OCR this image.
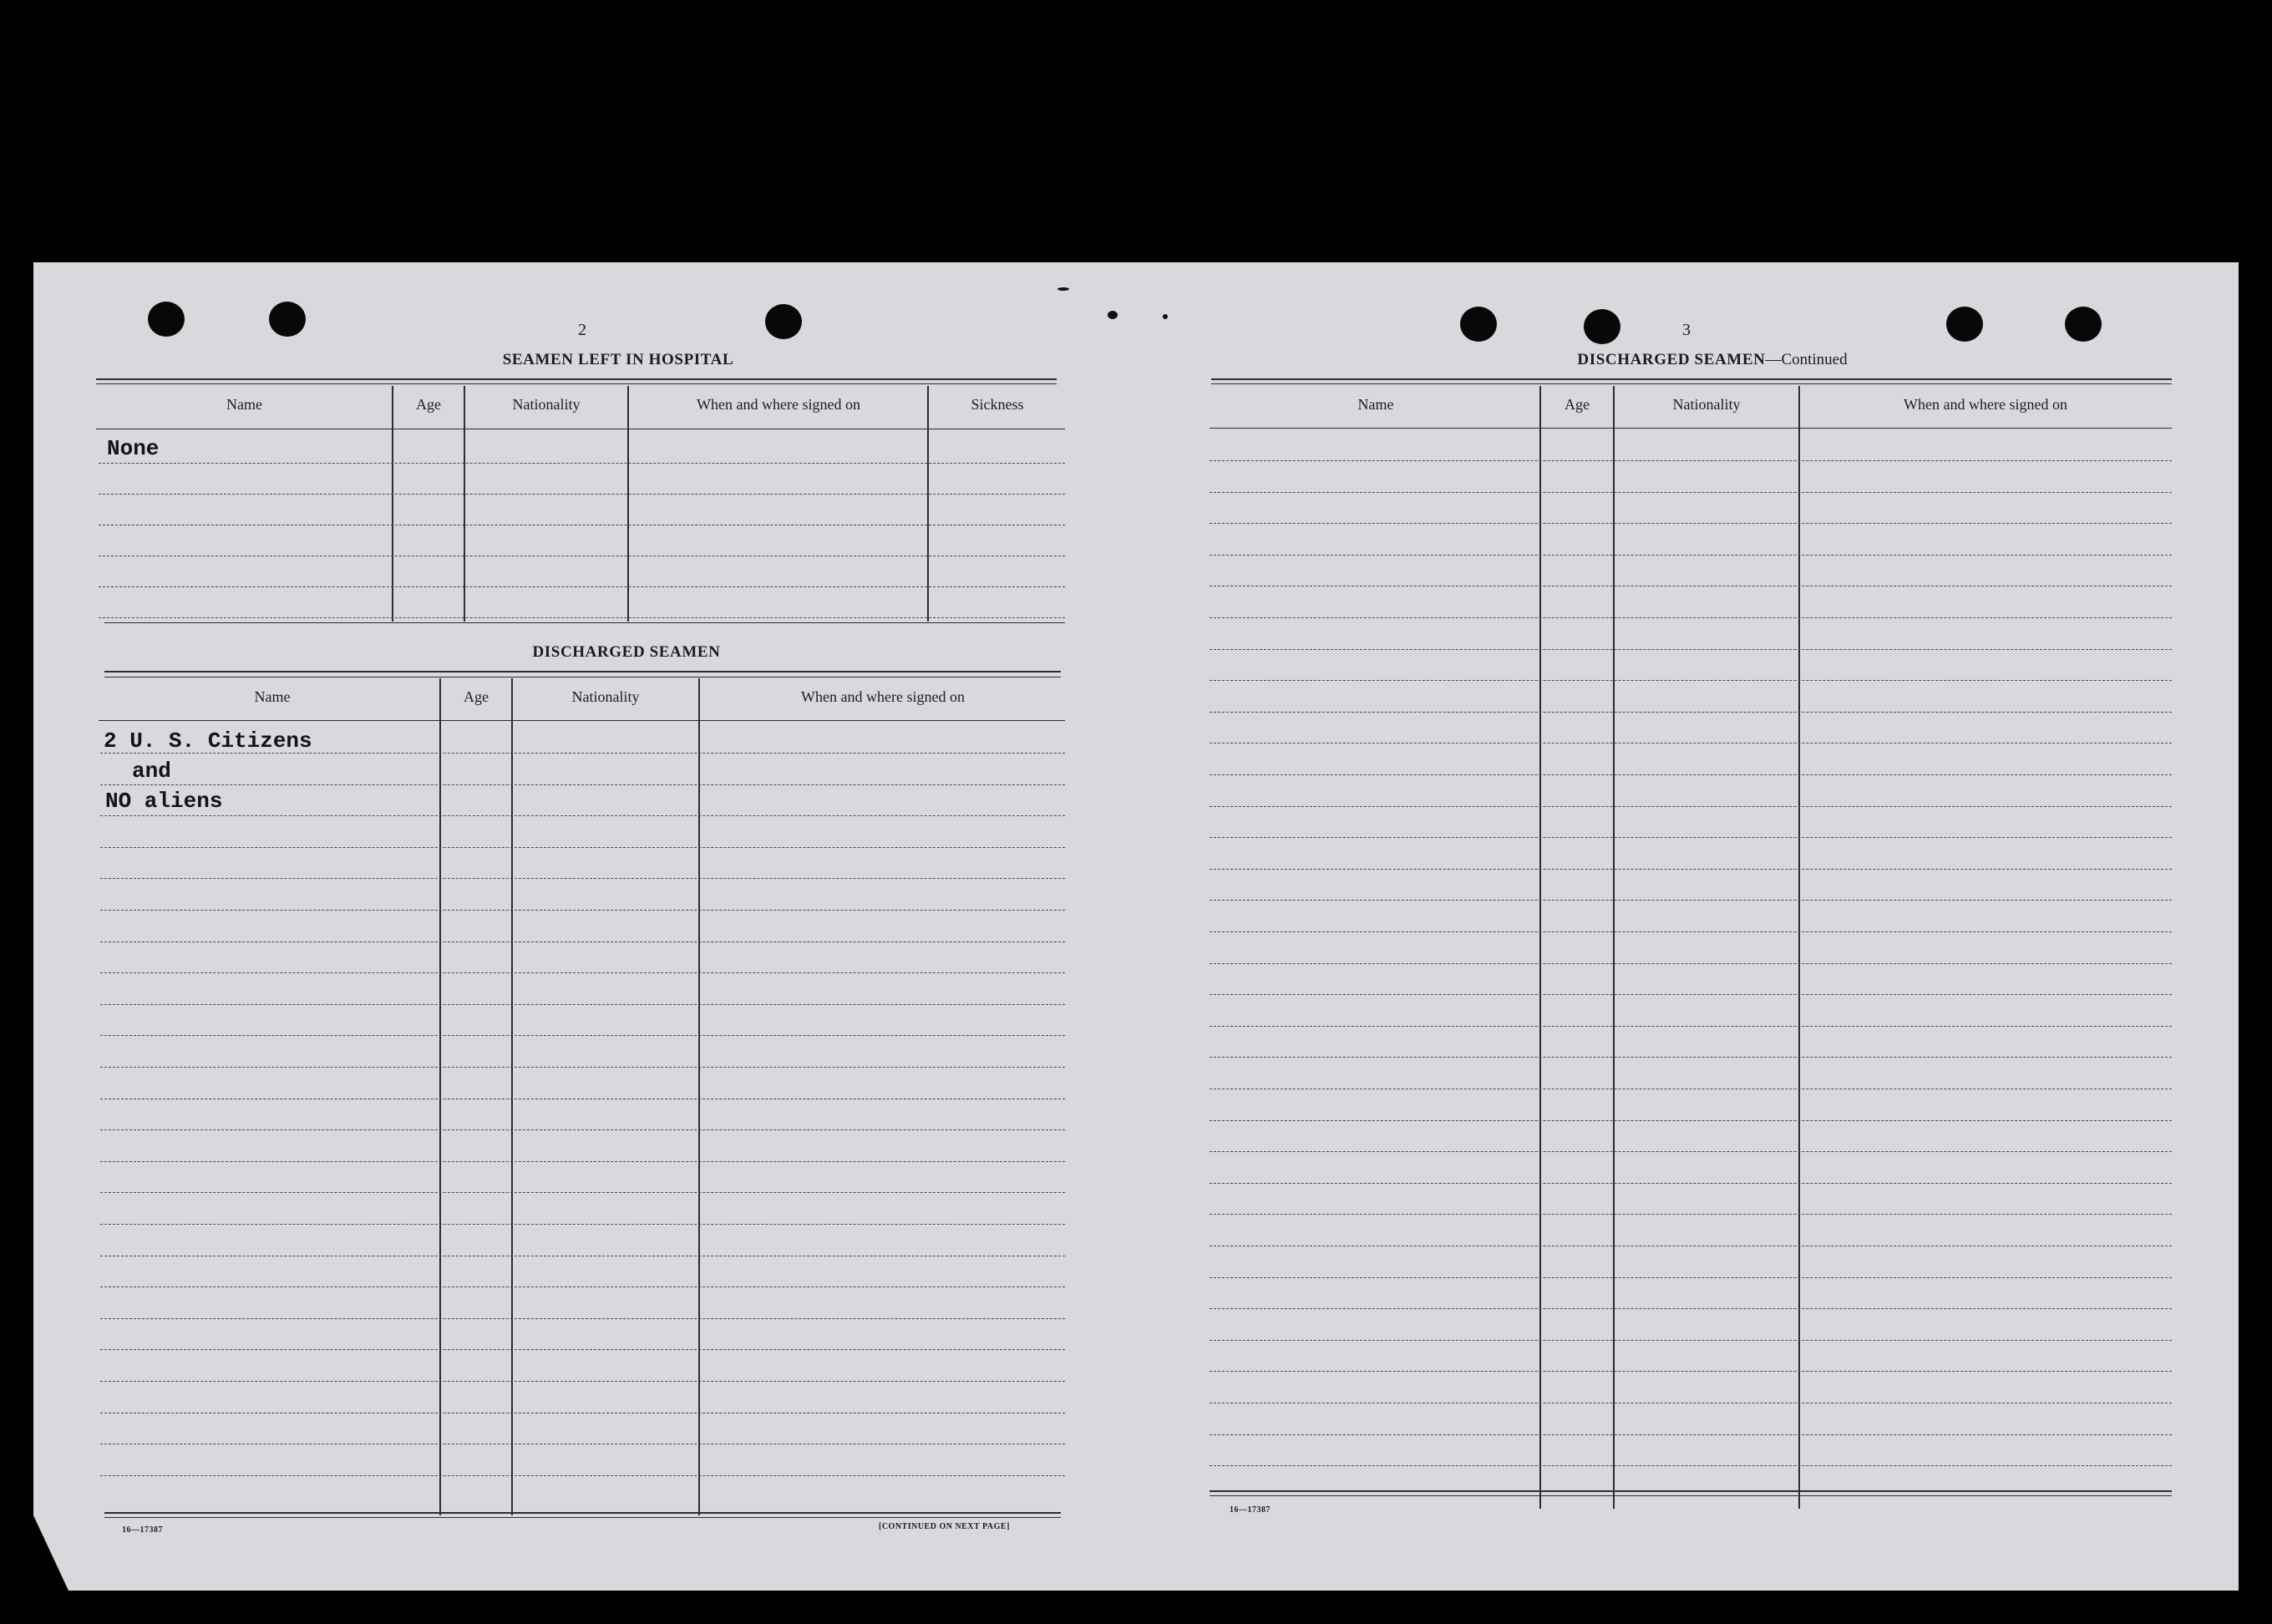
2
SEAMEN LEFT IN HOSPITAL
Name	Age	Nationality	When and where signed on	Sickness
None
DISCHARGED SEAMEN
Name	Age	Nationality	When and where signed on
2 U. S. Citizens
and
NO aliens
16—17387	[CONTINUED ON NEXT PAGE]
3
DISCHARGED SEAMEN—Continued
Name	Age	Nationality	When and where signed on
16—17387
